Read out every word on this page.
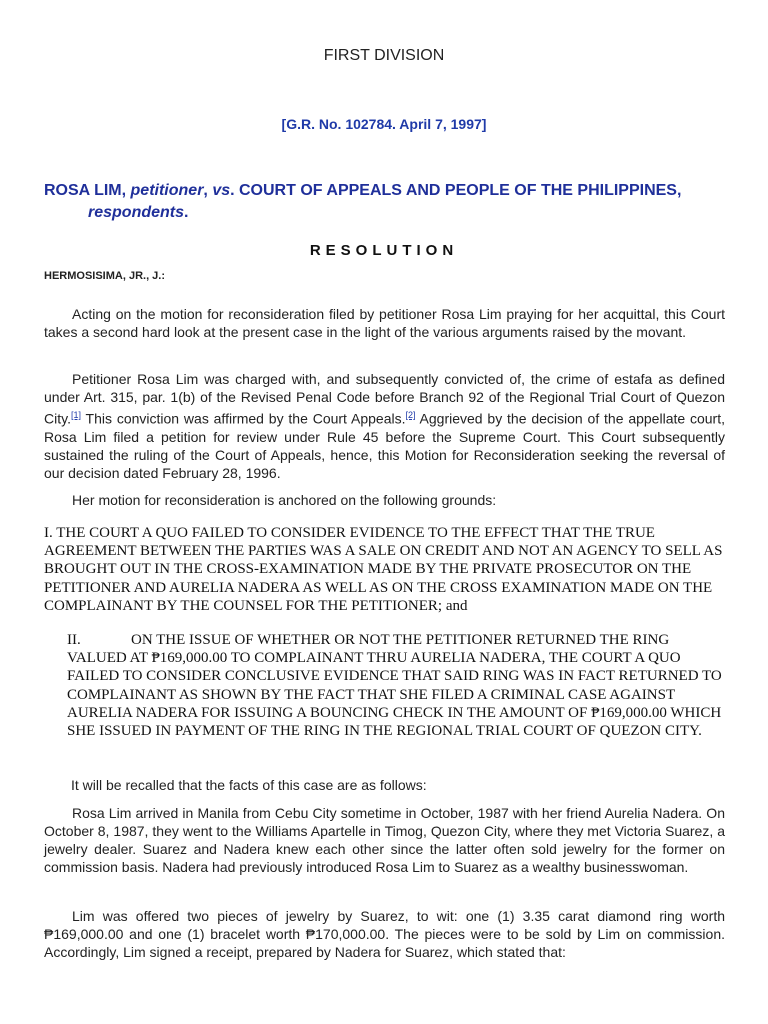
FIRST DIVISION
[G.R. No. 102784. April 7, 1997]
ROSA LIM, petitioner, vs. COURT OF APPEALS AND PEOPLE OF THE PHILIPPINES,
respondents.
RESOLUTION
HERMOSISIMA, JR., J.:

Acting on the motion for reconsideration filed by petitioner Rosa Lim praying for her acquittal, this Court takes a second hard look at the present case in the light of the various arguments raised by the movant.

Petitioner Rosa Lim was charged with, and subsequently convicted of, the crime of estafa as defined under Art. 315, par. 1(b) of the Revised Penal Code before Branch 92 of the Regional Trial Court of Quezon City.[1] This conviction was affirmed by the Court Appeals.[2] Aggrieved by the decision of the appellate court, Rosa Lim filed a petition for review under Rule 45 before the Supreme Court. This Court subsequently sustained the ruling of the Court of Appeals, hence, this Motion for Reconsideration seeking the reversal of our decision dated February 28, 1996.

Her motion for reconsideration is anchored on the following grounds:

I. THE COURT A QUO FAILED TO CONSIDER EVIDENCE TO THE EFFECT THAT THE TRUE AGREEMENT BETWEEN THE PARTIES WAS A SALE ON CREDIT AND NOT AN AGENCY TO SELL AS BROUGHT OUT IN THE CROSS-EXAMINATION MADE BY THE PRIVATE PROSECUTOR ON THE PETITIONER AND AURELIA NADERA AS WELL AS ON THE CROSS EXAMINATION MADE ON THE COMPLAINANT BY THE COUNSEL FOR THE PETITIONER; and

II.	ON THE ISSUE OF WHETHER OR NOT THE PETITIONER RETURNED THE RING VALUED AT ₱169,000.00 TO COMPLAINANT THRU AURELIA NADERA, THE COURT A QUO FAILED TO CONSIDER CONCLUSIVE EVIDENCE THAT SAID RING WAS IN FACT RETURNED TO COMPLAINANT AS SHOWN BY THE FACT THAT SHE FILED A CRIMINAL CASE AGAINST AURELIA NADERA FOR ISSUING A BOUNCING CHECK IN THE AMOUNT OF ₱169,000.00 WHICH SHE ISSUED IN PAYMENT OF THE RING IN THE REGIONAL TRIAL COURT OF QUEZON CITY.

It will be recalled that the facts of this case are as follows:

Rosa Lim arrived in Manila from Cebu City sometime in October, 1987 with her friend Aurelia Nadera. On October 8, 1987, they went to the Williams Apartelle in Timog, Quezon City, where they met Victoria Suarez, a jewelry dealer. Suarez and Nadera knew each other since the latter often sold jewelry for the former on commission basis. Nadera had previously introduced Rosa Lim to Suarez as a wealthy businesswoman.

Lim was offered two pieces of jewelry by Suarez, to wit: one (1) 3.35 carat diamond ring worth ₱169,000.00 and one (1) bracelet worth ₱170,000.00. The pieces were to be sold by Lim on commission. Accordingly, Lim signed a receipt, prepared by Nadera for Suarez, which stated that:
